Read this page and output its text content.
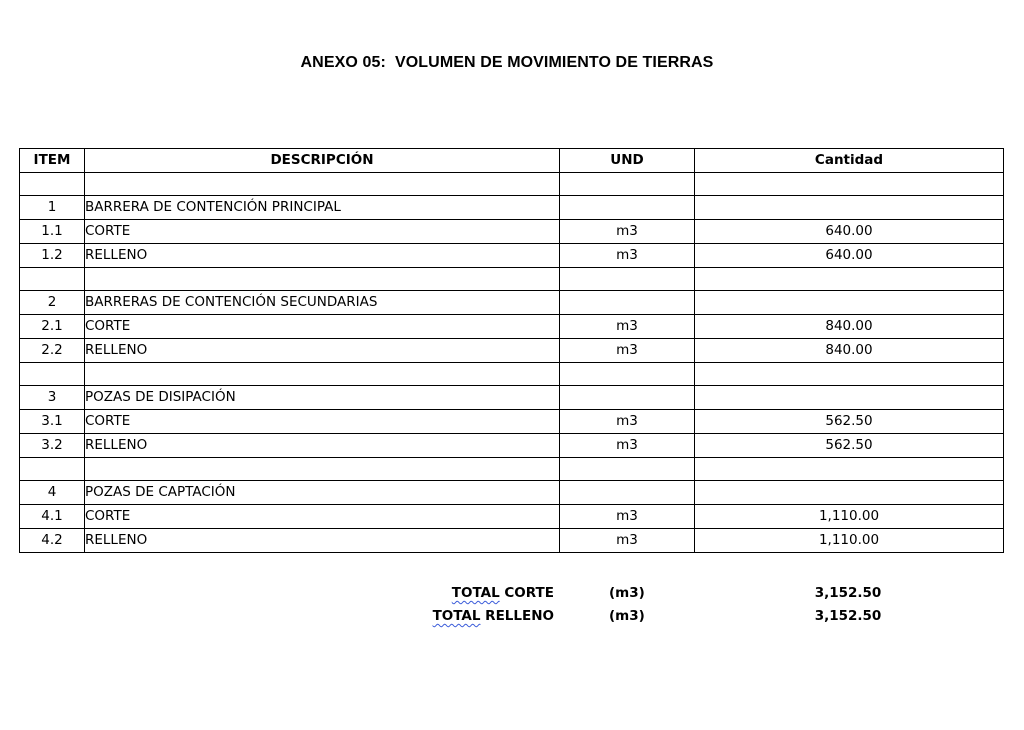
ANEXO 05:  VOLUMEN DE MOVIMIENTO DE TIERRAS
ITEM	DESCRIPCIÓN	UND	Cantidad

1	BARRERA DE CONTENCIÓN PRINCIPAL		
1.1	CORTE	m3	640.00
1.2	RELLENO	m3	640.00

2	BARRERAS DE CONTENCIÓN SECUNDARIAS		
2.1	CORTE	m3	840.00
2.2	RELLENO	m3	840.00

3	POZAS DE DISIPACIÓN		
3.1	CORTE	m3	562.50
3.2	RELLENO	m3	562.50

4	POZAS DE CAPTACIÓN		
4.1	CORTE	m3	1,110.00
4.2	RELLENO	m3	1,110.00
TOTAL CORTE	(m3)	3,152.50
TOTAL RELLENO	(m3)	3,152.50
